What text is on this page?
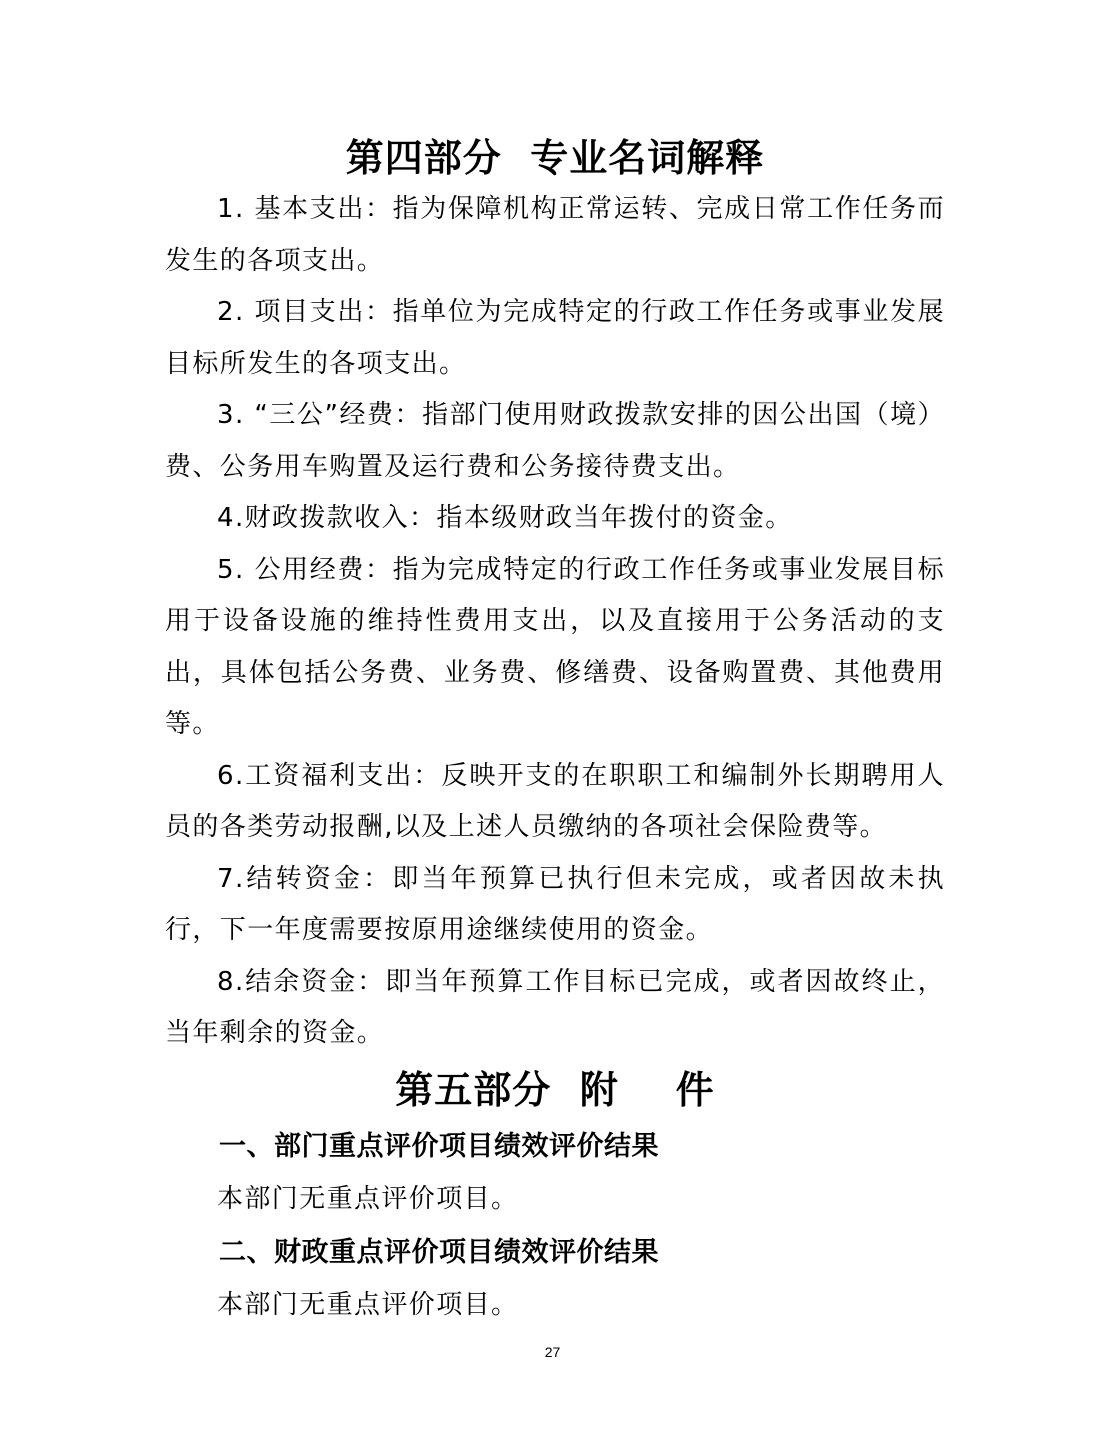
第四部分  专业名词解释

1. 基本支出：指为保障机构正常运转、完成日常工作任务而发生的各项支出。

2. 项目支出：指单位为完成特定的行政工作任务或事业发展目标所发生的各项支出。

3. “三公”经费：指部门使用财政拨款安排的因公出国（境）费、公务用车购置及运行费和公务接待费支出。

4.财政拨款收入：指本级财政当年拨付的资金。

5. 公用经费：指为完成特定的行政工作任务或事业发展目标用于设备设施的维持性费用支出，以及直接用于公务活动的支出，具体包括公务费、业务费、修缮费、设备购置费、其他费用等。

6.工资福利支出：反映开支的在职职工和编制外长期聘用人员的各类劳动报酬,以及上述人员缴纳的各项社会保险费等。

7.结转资金：即当年预算已执行但未完成，或者因故未执行，下一年度需要按原用途继续使用的资金。

8.结余资金：即当年预算工作目标已完成，或者因故终止，当年剩余的资金。

第五部分  附    件

一、部门重点评价项目绩效评价结果

本部门无重点评价项目。

二、财政重点评价项目绩效评价结果

本部门无重点评价项目。

27
